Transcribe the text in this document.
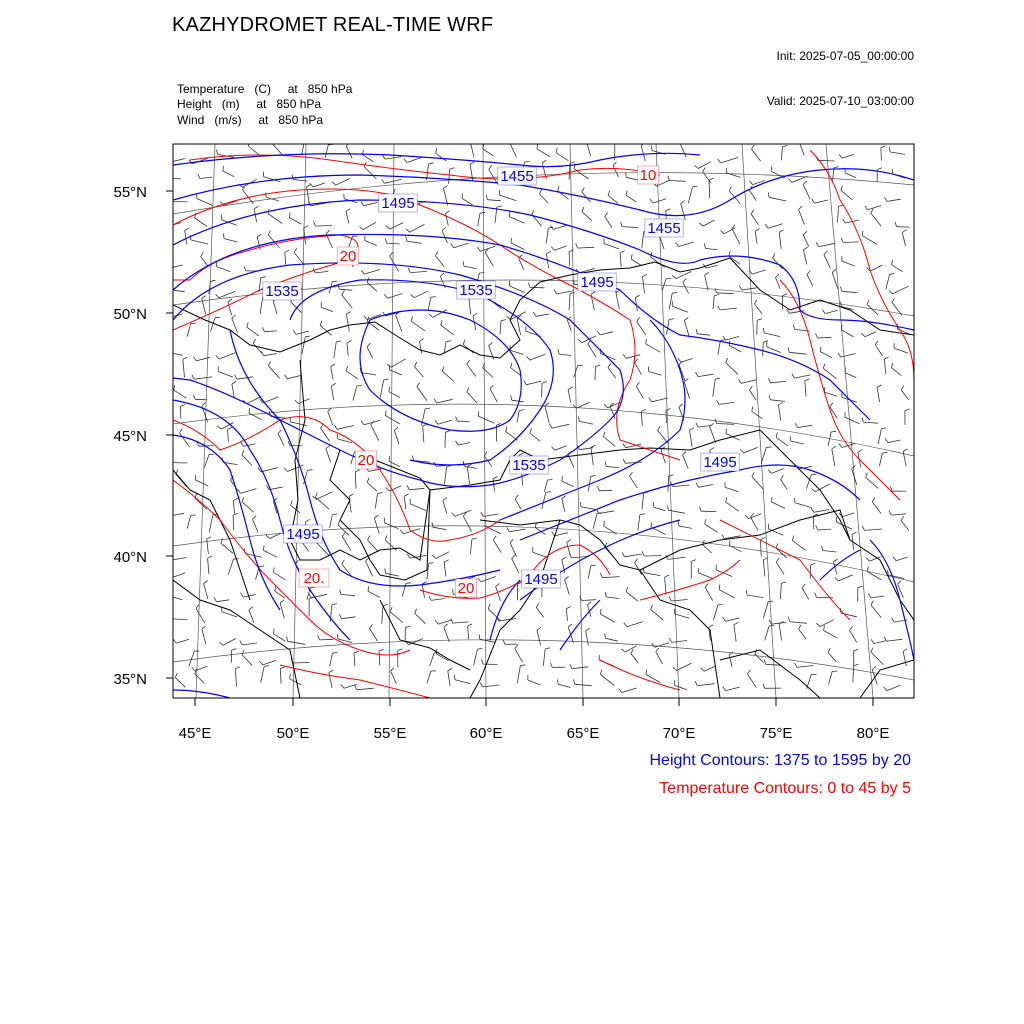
55°N
50°N
45°N
40°N
35°N
45°E	50°E	55°E	60°E	65°E	70°E	75°E	80°E
1455
1495
1455
1535	1535	1495
1535	1495
1495
1495
10
20
20
20.
20
KAZHYDROMET REAL-TIME WRF

Init: 2025-07-05_00:00:00

Valid: 2025-07-10_03:00:00

Temperature   (C)     at   850 hPa
Height   (m)     at   850 hPa
Wind   (m/s)     at   850 hPa
Height Contours: 1375 to 1595 by 20
Temperature Contours: 0 to 45 by 5
